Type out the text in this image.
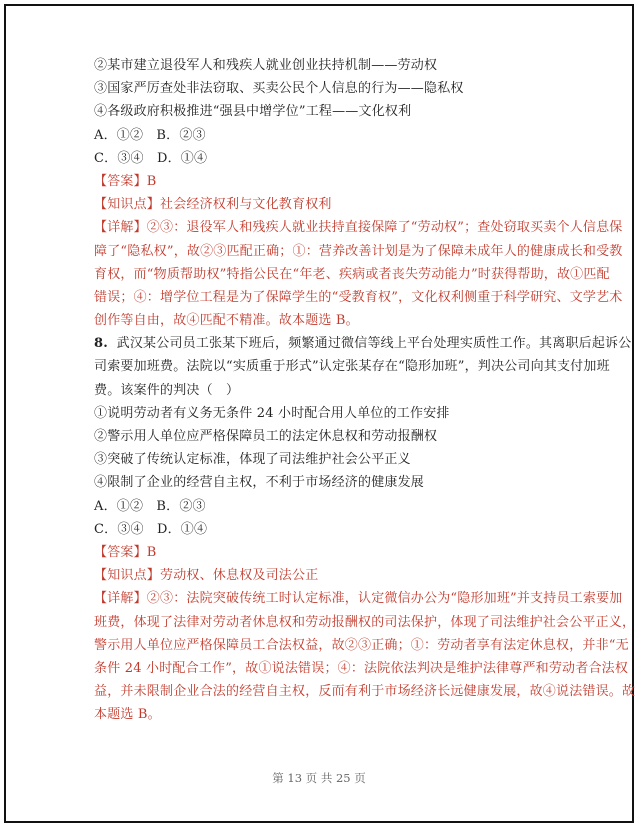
②某市建立退役军人和残疾人就业创业扶持机制——劳动权
③国家严厉查处非法窃取、买卖公民个人信息的行为——隐私权
④各级政府积极推进“强县中增学位”工程——文化权利
A．①②　B．②③
C．③④　D．①④
【答案】B
【知识点】社会经济权利与文化教育权利
【详解】②③：退役军人和残疾人就业扶持直接保障了“劳动权”；查处窃取买卖个人信息保
障了“隐私权”，故②③匹配正确；①：营养改善计划是为了保障未成年人的健康成长和受教
育权，而“物质帮助权”特指公民在“年老、疾病或者丧失劳动能力”时获得帮助，故①匹配
错误；④：增学位工程是为了保障学生的“受教育权”，文化权利侧重于科学研究、文学艺术
创作等自由，故④匹配不精准。故本题选 B。
8. 武汉某公司员工张某下班后，频繁通过微信等线上平台处理实质性工作。其离职后起诉公
司索要加班费。法院以“实质重于形式”认定张某存在“隐形加班”，判决公司向其支付加班
费。该案件的判决（　）
①说明劳动者有义务无条件 24 小时配合用人单位的工作安排
②警示用人单位应严格保障员工的法定休息权和劳动报酬权
③突破了传统认定标准，体现了司法维护社会公平正义
④限制了企业的经营自主权，不利于市场经济的健康发展
A．①②　B．②③
C．③④　D．①④
【答案】B
【知识点】劳动权、休息权及司法公正
【详解】②③：法院突破传统工时认定标准，认定微信办公为“隐形加班”并支持员工索要加
班费，体现了法律对劳动者休息权和劳动报酬权的司法保护，体现了司法维护社会公平正义，
警示用人单位应严格保障员工合法权益，故②③正确；①：劳动者享有法定休息权，并非“无
条件 24 小时配合工作”，故①说法错误；④：法院依法判决是维护法律尊严和劳动者合法权
益，并未限制企业合法的经营自主权，反而有利于市场经济长远健康发展，故④说法错误。故
本题选 B。
第 13 页 共 25 页
